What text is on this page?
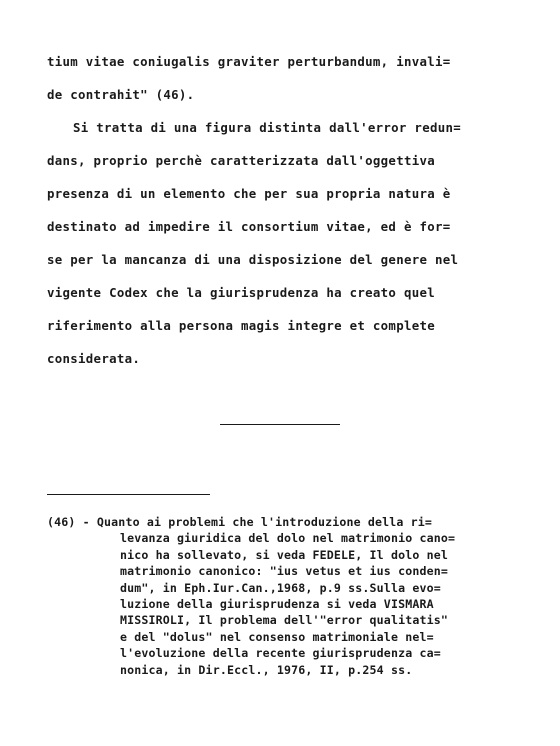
tium vitae coniugalis graviter perturbandum, invali=
de contrahit" (46).
Si tratta di una figura distinta dall'error redun=
dans, proprio perchè caratterizzata dall'oggettiva
presenza di un elemento che per sua propria natura è
destinato ad impedire il consortium vitae, ed è for=
se per la mancanza di una disposizione del genere nel
vigente Codex che la giurisprudenza ha creato quel
riferimento alla persona magis integre et complete
considerata.
(46) - Quanto ai problemi che l'introduzione della ri=
levanza giuridica del dolo nel matrimonio cano=
nico ha sollevato, si veda FEDELE, Il dolo nel
matrimonio canonico: "ius vetus et ius conden=
dum", in Eph.Iur.Can.,1968, p.9 ss.Sulla evo=
luzione della giurisprudenza si veda VISMARA
MISSIROLI, Il problema dell'"error qualitatis"
e del "dolus" nel consenso matrimoniale nel=
l'evoluzione della recente giurisprudenza ca=
nonica, in Dir.Eccl., 1976, II, p.254 ss.
